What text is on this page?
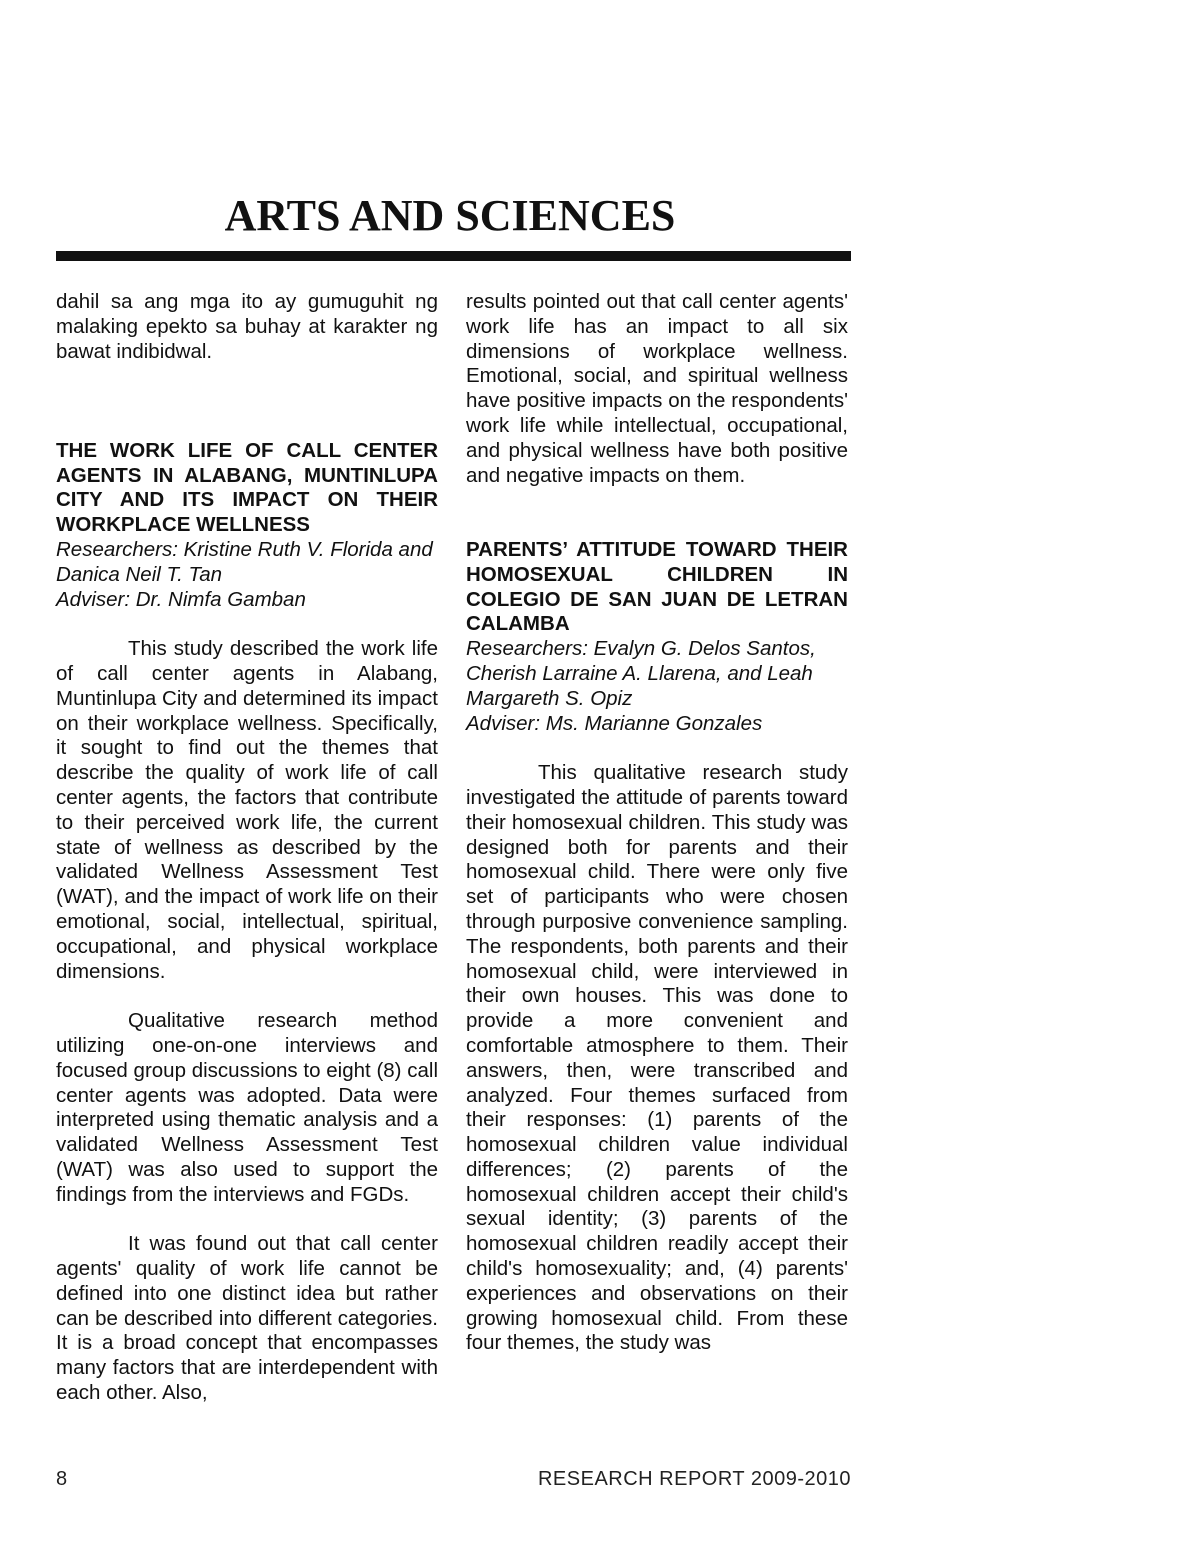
ARTS AND SCIENCES

dahil sa ang mga ito ay gumuguhit ng malaking epekto sa buhay at karakter ng bawat indibidwal.

THE WORK LIFE OF CALL CENTER AGENTS IN ALABANG, MUNTINLUPA CITY AND ITS IMPACT ON THEIR WORKPLACE WELLNESS
Researchers: Kristine Ruth V. Florida and Danica Neil T. Tan
Adviser: Dr. Nimfa Gamban

This study described the work life of call center agents in Alabang, Muntinlupa City and determined its impact on their workplace wellness. Specifically, it sought to find out the themes that describe the quality of work life of call center agents, the factors that contribute to their perceived work life, the current state of wellness as described by the validated Wellness Assessment Test (WAT), and the impact of work life on their emotional, social, intellectual, spiritual, occupational, and physical workplace dimensions.

Qualitative research method utilizing one-on-one interviews and focused group discussions to eight (8) call center agents was adopted. Data were interpreted using thematic analysis and a validated Wellness Assessment Test (WAT) was also used to support the findings from the interviews and FGDs.

It was found out that call center agents' quality of work life cannot be defined into one distinct idea but rather can be described into different categories. It is a broad concept that encompasses many factors that are interdependent with each other. Also,

results pointed out that call center agents' work life has an impact to all six dimensions of workplace wellness. Emotional, social, and spiritual wellness have positive impacts on the respondents' work life while intellectual, occupational, and physical wellness have both positive and negative impacts on them.

PARENTS’ ATTITUDE TOWARD THEIR HOMOSEXUAL CHILDREN IN COLEGIO DE SAN JUAN DE LETRAN CALAMBA
Researchers: Evalyn G. Delos Santos, Cherish Larraine A. Llarena, and Leah Margareth S. Opiz
Adviser: Ms. Marianne Gonzales

This qualitative research study investigated the attitude of parents toward their homosexual children. This study was designed both for parents and their homosexual child. There were only five set of participants who were chosen through purposive convenience sampling. The respondents, both parents and their homosexual child, were interviewed in their own houses. This was done to provide a more convenient and comfortable atmosphere to them. Their answers, then, were transcribed and analyzed. Four themes surfaced from their responses: (1) parents of the homosexual children value individual differences; (2) parents of the homosexual children accept their child's sexual identity; (3) parents of the homosexual children readily accept their child's homosexuality; and, (4) parents' experiences and observations on their growing homosexual child. From these four themes, the study was

8	RESEARCH REPORT 2009-2010
